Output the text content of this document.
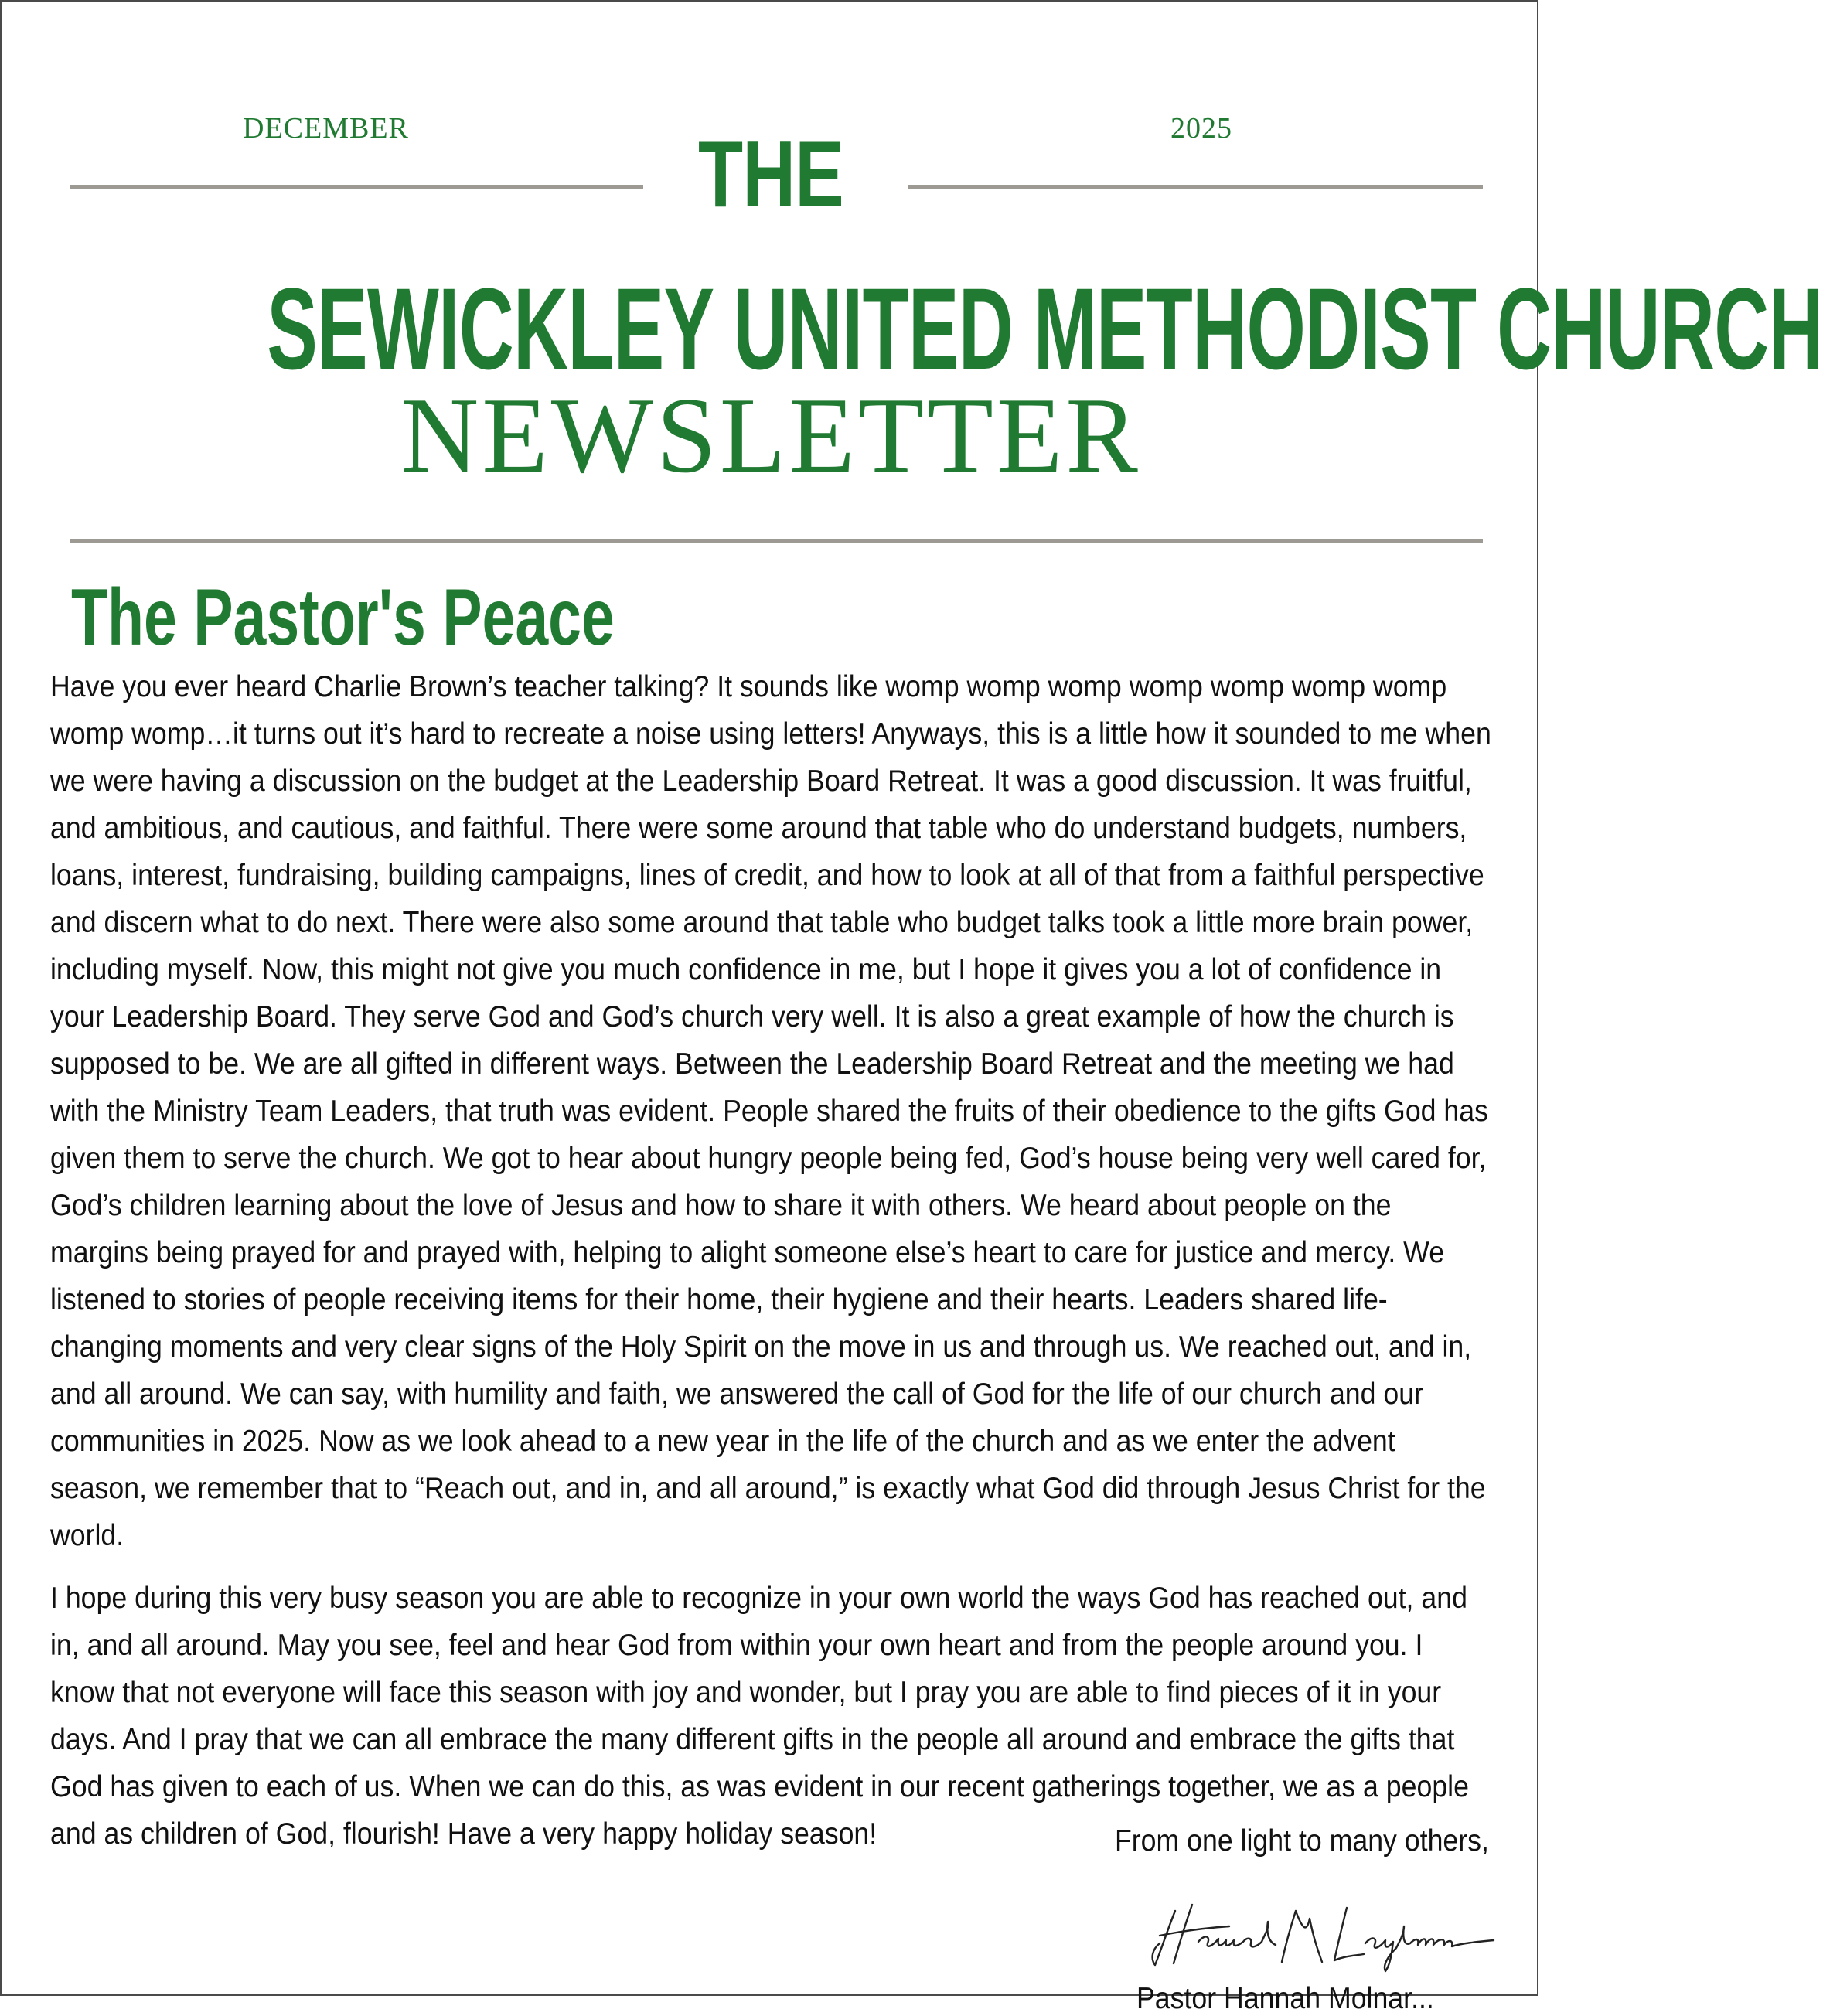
DECEMBER	2025
THE
SEWICKLEY UNITED METHODIST CHURCH
NEWSLETTER
The Pastor's Peace

Have you ever heard Charlie Brown’s teacher talking? It sounds like womp womp womp womp womp womp womp womp womp…it turns out it’s hard to recreate a noise using letters! Anyways, this is a little how it sounded to me when we were having a discussion on the budget at the Leadership Board Retreat. It was a good discussion. It was fruitful, and ambitious, and cautious, and faithful. There were some around that table who do understand budgets, numbers, loans, interest, fundraising, building campaigns, lines of credit, and how to look at all of that from a faithful perspective and discern what to do next. There were also some around that table who budget talks took a little more brain power, including myself. Now, this might not give you much confidence in me, but I hope it gives you a lot of confidence in your Leadership Board. They serve God and God’s church very well. It is also a great example of how the church is supposed to be. We are all gifted in different ways. Between the Leadership Board Retreat and the meeting we had with the Ministry Team Leaders, that truth was evident. People shared the fruits of their obedience to the gifts God has given them to serve the church. We got to hear about hungry people being fed, God’s house being very well cared for, God’s children learning about the love of Jesus and how to share it with others. We heard about people on the margins being prayed for and prayed with, helping to alight someone else’s heart to care for justice and mercy. We listened to stories of people receiving items for their home, their hygiene and their hearts. Leaders shared life-changing moments and very clear signs of the Holy Spirit on the move in us and through us. We reached out, and in, and all around. We can say, with humility and faith, we answered the call of God for the life of our church and our communities in 2025. Now as we look ahead to a new year in the life of the church and as we enter the advent season, we remember that to “Reach out, and in, and all around,” is exactly what God did through Jesus Christ for the world.

I hope during this very busy season you are able to recognize in your own world the ways God has reached out, and in, and all around. May you see, feel and hear God from within your own heart and from the people around you. I know that not everyone will face this season with joy and wonder, but I pray you are able to find pieces of it in your days. And I pray that we can all embrace the many different gifts in the people all around and embrace the gifts that God has given to each of us. When we can do this, as was evident in our recent gatherings together, we as a people and as children of God, flourish! Have a very happy holiday season!	From one light to many others,
Pastor Hannah Molnar...
